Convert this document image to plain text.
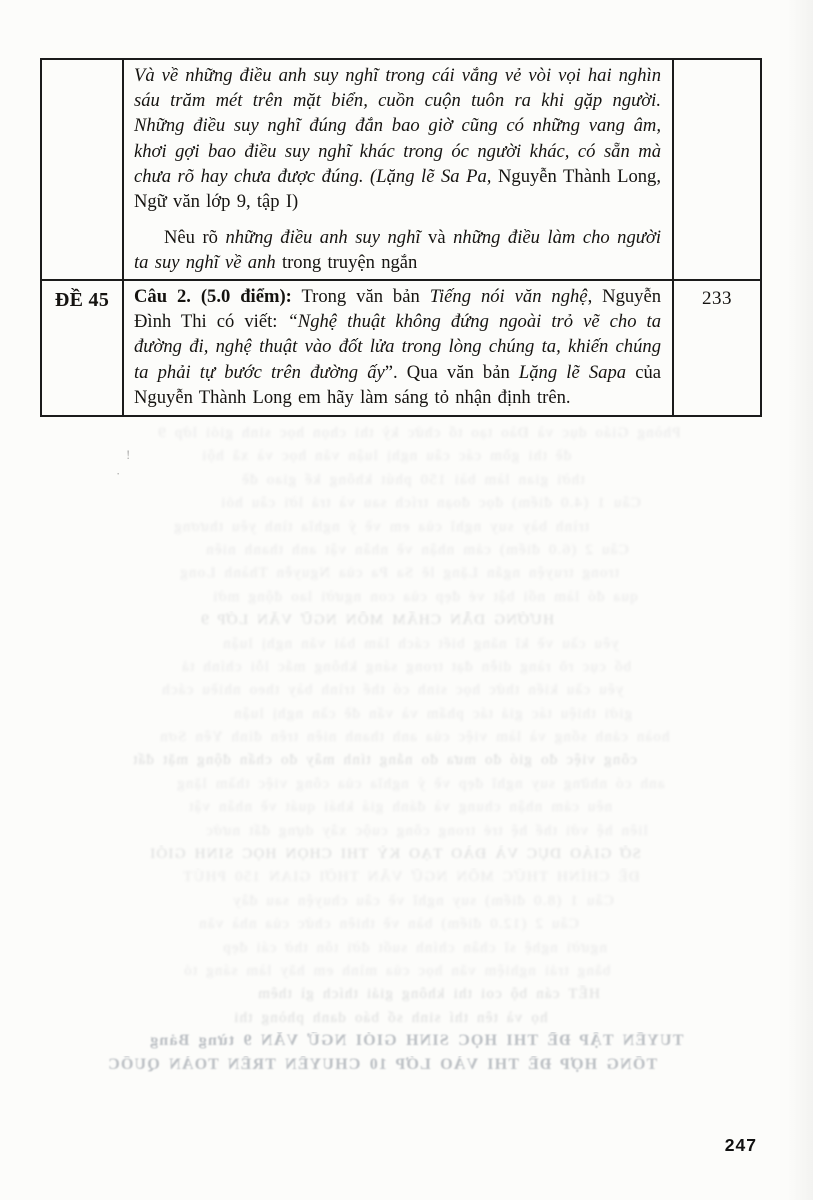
	Và về những điều anh suy nghĩ trong cái vắng vẻ vòi vọi hai nghìn sáu trăm mét trên mặt biển, cuồn cuộn tuôn ra khi gặp người. Những điều suy nghĩ đúng đắn bao giờ cũng có những vang âm, khơi gợi bao điều suy nghĩ khác trong óc người khác, có sẵn mà chưa rõ hay chưa được đúng. (Lặng lẽ Sa Pa, Nguyễn Thành Long, Ngữ văn lớp 9, tập I)

Nêu rõ những điều anh suy nghĩ và những điều làm cho người ta suy nghĩ về anh trong truyện ngắn	

ĐỀ 45	Câu 2. (5.0 điểm): Trong văn bản Tiếng nói văn nghệ, Nguyễn Đình Thi có viết: “Nghệ thuật không đứng ngoài trỏ vẽ cho ta đường đi, nghệ thuật vào đốt lửa trong lòng chúng ta, khiến chúng ta phải tự bước trên đường ấy”. Qua văn bản Lặng lẽ Sapa của Nguyễn Thành Long em hãy làm sáng tỏ nhận định trên.	233
Phòng Giáo dục và Đào tạo tổ chức kỳ thi chọn học sinh giỏi lớp 9
đề thi gồm các câu nghị luận văn học và xã hội
thời gian làm bài 150 phút không kể giao đề
Câu 1 (4.0 điểm) đọc đoạn trích sau và trả lời câu hỏi
trình bày suy nghĩ của em về ý nghĩa tình yêu thương
Câu 2 (6.0 điểm) cảm nhận về nhân vật anh thanh niên
trong truyện ngắn Lặng lẽ Sa Pa của Nguyễn Thành Long
qua đó làm nổi bật vẻ đẹp của con người lao động mới
HƯỚNG DẪN CHẤM MÔN NGỮ VĂN LỚP 9
yêu cầu về kĩ năng biết cách làm bài văn nghị luận
bố cục rõ ràng diễn đạt trong sáng không mắc lỗi chính tả
yêu cầu kiến thức học sinh có thể trình bày theo nhiều cách
giới thiệu tác giả tác phẩm và vấn đề cần nghị luận
hoàn cảnh sống và làm việc của anh thanh niên trên đỉnh Yên Sơn
công việc đo gió đo mưa đo nắng tính mây đo chấn động mặt đất
anh có những suy nghĩ đẹp về ý nghĩa của công việc thầm lặng
nêu cảm nhận chung và đánh giá khái quát về nhân vật
liên hệ với thế hệ trẻ trong công cuộc xây dựng đất nước
SỞ GIÁO DỤC VÀ ĐÀO TẠO KỲ THI CHỌN HỌC SINH GIỎI
ĐỀ CHÍNH THỨC MÔN NGỮ VĂN THỜI GIAN 150 PHÚT
Câu 1 (8.0 điểm) suy nghĩ về câu chuyện sau đây
Câu 2 (12.0 điểm) bàn về thiên chức của nhà văn
người nghệ sĩ chân chính suốt đời tôn thờ cái đẹp
bằng trải nghiệm văn học của mình em hãy làm sáng tỏ
HẾT cán bộ coi thi không giải thích gì thêm
họ và tên thí sinh số báo danh phòng thi
TUYỂN TẬP ĐỀ THI HỌC SINH GIỎI NGỮ VĂN 9 từng Bảng
TỔNG HỢP ĐỀ THI VÀO LỚP 10 CHUYÊN TRÊN TOÀN QUỐC
247
!
·
